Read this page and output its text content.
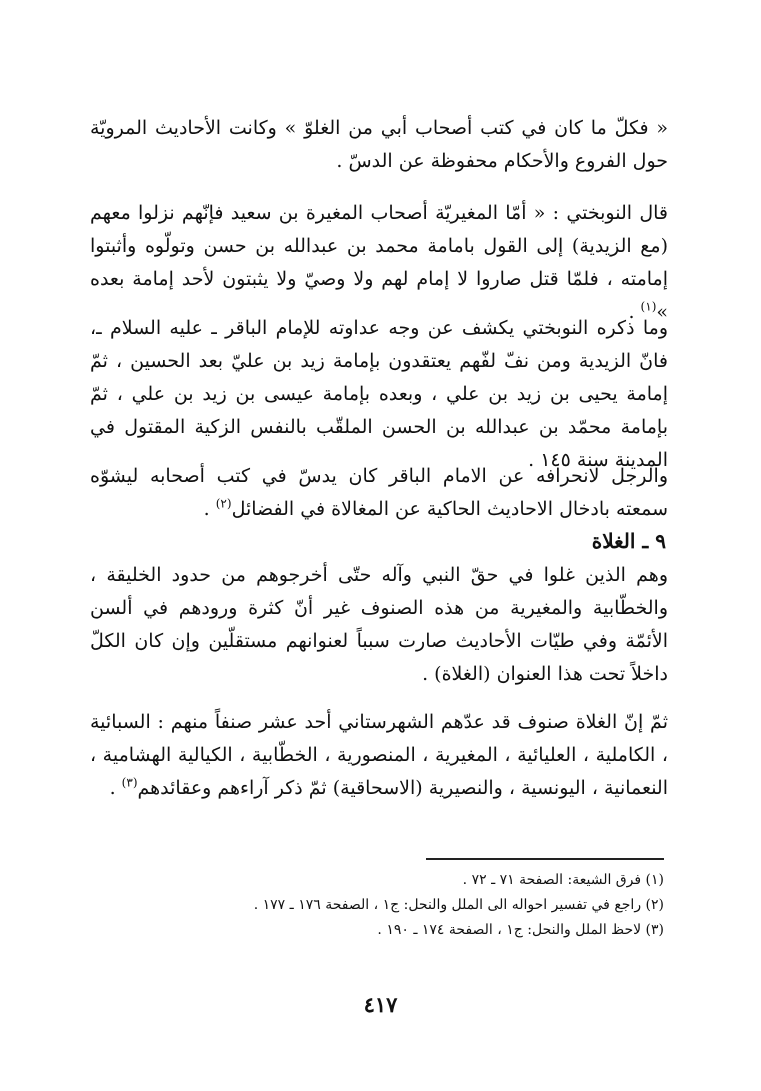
« فكلّ ما كان في كتب أصحاب أبي من الغلوّ » وكانت الأحاديث المرويّة حول الفروع والأحكام محفوظة عن الدسّ .

قال النوبختي : « أمّا المغيريّة أصحاب المغيرة بن سعيد فإنّهم نزلوا معهم (مع الزيدية) إلى القول بامامة محمد بن عبدالله بن حسن وتولّوه وأثبتوا إمامته ، فلمّا قتل صاروا لا إمام لهم ولا وصيّ ولا يثبتون لأحد إمامة بعده »$^{(١)}$ .

وما ذكره النوبختي يكشف عن وجه عداوته للإمام الباقر ـ عليه السلام ـ، فانّ الزيدية ومن نفّ لفّهم يعتقدون بإمامة زيد بن عليّ بعد الحسين ، ثمّ إمامة يحيى بن زيد بن علي ، وبعده بإمامة عيسى بن زيد بن علي ، ثمّ بإمامة محمّد بن عبدالله بن الحسن الملقّب بالنفس الزكية المقتول في المدينة سنة ١٤٥ .

والرجل لانحرافه عن الامام الباقر كان يدسّ في كتب أصحابه ليشوّه سمعته بادخال الاحاديث الحاكية عن المغالاة في الفضائل$^{(٢)}$ .

٩ ـ الغلاة

وهم الذين غلوا في حقّ النبي وآله حتّى أخرجوهم من حدود الخليقة ، والخطّابية والمغيرية من هذه الصنوف غير أنّ كثرة ورودهم في ألسن الأئمّة وفي طيّات الأحاديث صارت سبباً لعنوانهم مستقلّين وإن كان الكلّ داخلاً تحت هذا العنوان (الغلاة) .

ثمّ إنّ الغلاة صنوف قد عدّهم الشهرستاني أحد عشر صنفاً منهم : السبائية ، الكاملية ، العليائية ، المغيرية ، المنصورية ، الخطّابية ، الكيالية الهشامية ، النعمانية ، اليونسية ، والنصيرية (الاسحاقية) ثمّ ذكر آراءهم وعقائدهم$^{(٣)}$ .

(١) فرق الشيعة: الصفحة ٧١ ـ ٧٢ .

(٢) راجع في تفسير احواله الى الملل والنحل: ج١ ، الصفحة ١٧٦ ـ ١٧٧ .

(٣) لاحظ الملل والنحل: ج١ ، الصفحة ١٧٤ ـ ١٩٠ .

٤١٧
